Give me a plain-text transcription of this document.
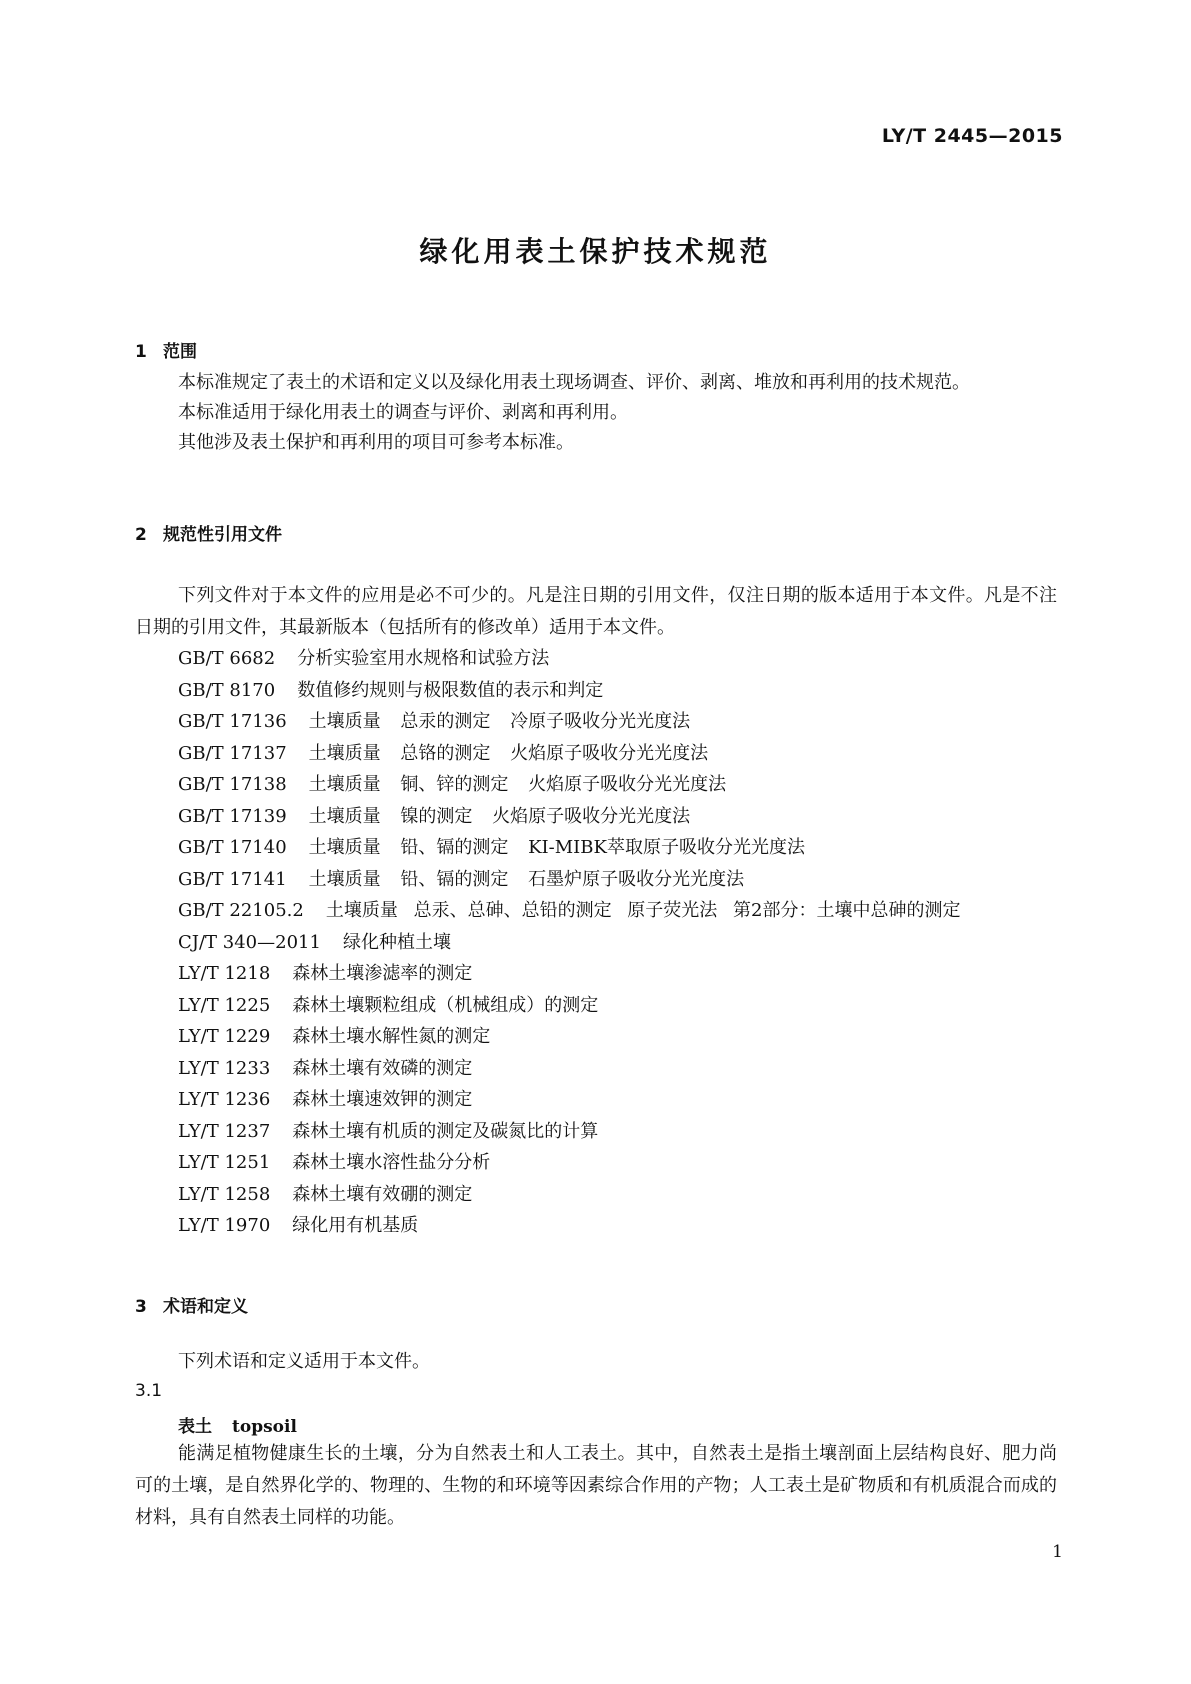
LY/T 2445—2015
绿化用表土保护技术规范
1 范围
本标准规定了表土的术语和定义以及绿化用表土现场调查、评价、剥离、堆放和再利用的技术规范。
本标准适用于绿化用表土的调查与评价、剥离和再利用。
其他涉及表土保护和再利用的项目可参考本标准。
2 规范性引用文件
下列文件对于本文件的应用是必不可少的。凡是注日期的引用文件，仅注日期的版本适用于本文件。凡是不注日期的引用文件，其最新版本（包括所有的修改单）适用于本文件。
GB/T 6682 分析实验室用水规格和试验方法
GB/T 8170 数值修约规则与极限数值的表示和判定
GB/T 17136 土壤质量 总汞的测定 冷原子吸收分光光度法
GB/T 17137 土壤质量 总铬的测定 火焰原子吸收分光光度法
GB/T 17138 土壤质量 铜、锌的测定 火焰原子吸收分光光度法
GB/T 17139 土壤质量 镍的测定 火焰原子吸收分光光度法
GB/T 17140 土壤质量 铅、镉的测定 KI-MIBK萃取原子吸收分光光度法
GB/T 17141 土壤质量 铅、镉的测定 石墨炉原子吸收分光光度法
GB/T 22105.2 土壤质量 总汞、总砷、总铅的测定 原子荧光法 第2部分：土壤中总砷的测定
CJ/T 340—2011 绿化种植土壤
LY/T 1218 森林土壤渗滤率的测定
LY/T 1225 森林土壤颗粒组成（机械组成）的测定
LY/T 1229 森林土壤水解性氮的测定
LY/T 1233 森林土壤有效磷的测定
LY/T 1236 森林土壤速效钾的测定
LY/T 1237 森林土壤有机质的测定及碳氮比的计算
LY/T 1251 森林土壤水溶性盐分分析
LY/T 1258 森林土壤有效硼的测定
LY/T 1970 绿化用有机基质
3 术语和定义
下列术语和定义适用于本文件。
3.1
表土 topsoil
能满足植物健康生长的土壤，分为自然表土和人工表土。其中，自然表土是指土壤剖面上层结构良好、肥力尚可的土壤，是自然界化学的、物理的、生物的和环境等因素综合作用的产物；人工表土是矿物质和有机质混合而成的材料，具有自然表土同样的功能。
1
